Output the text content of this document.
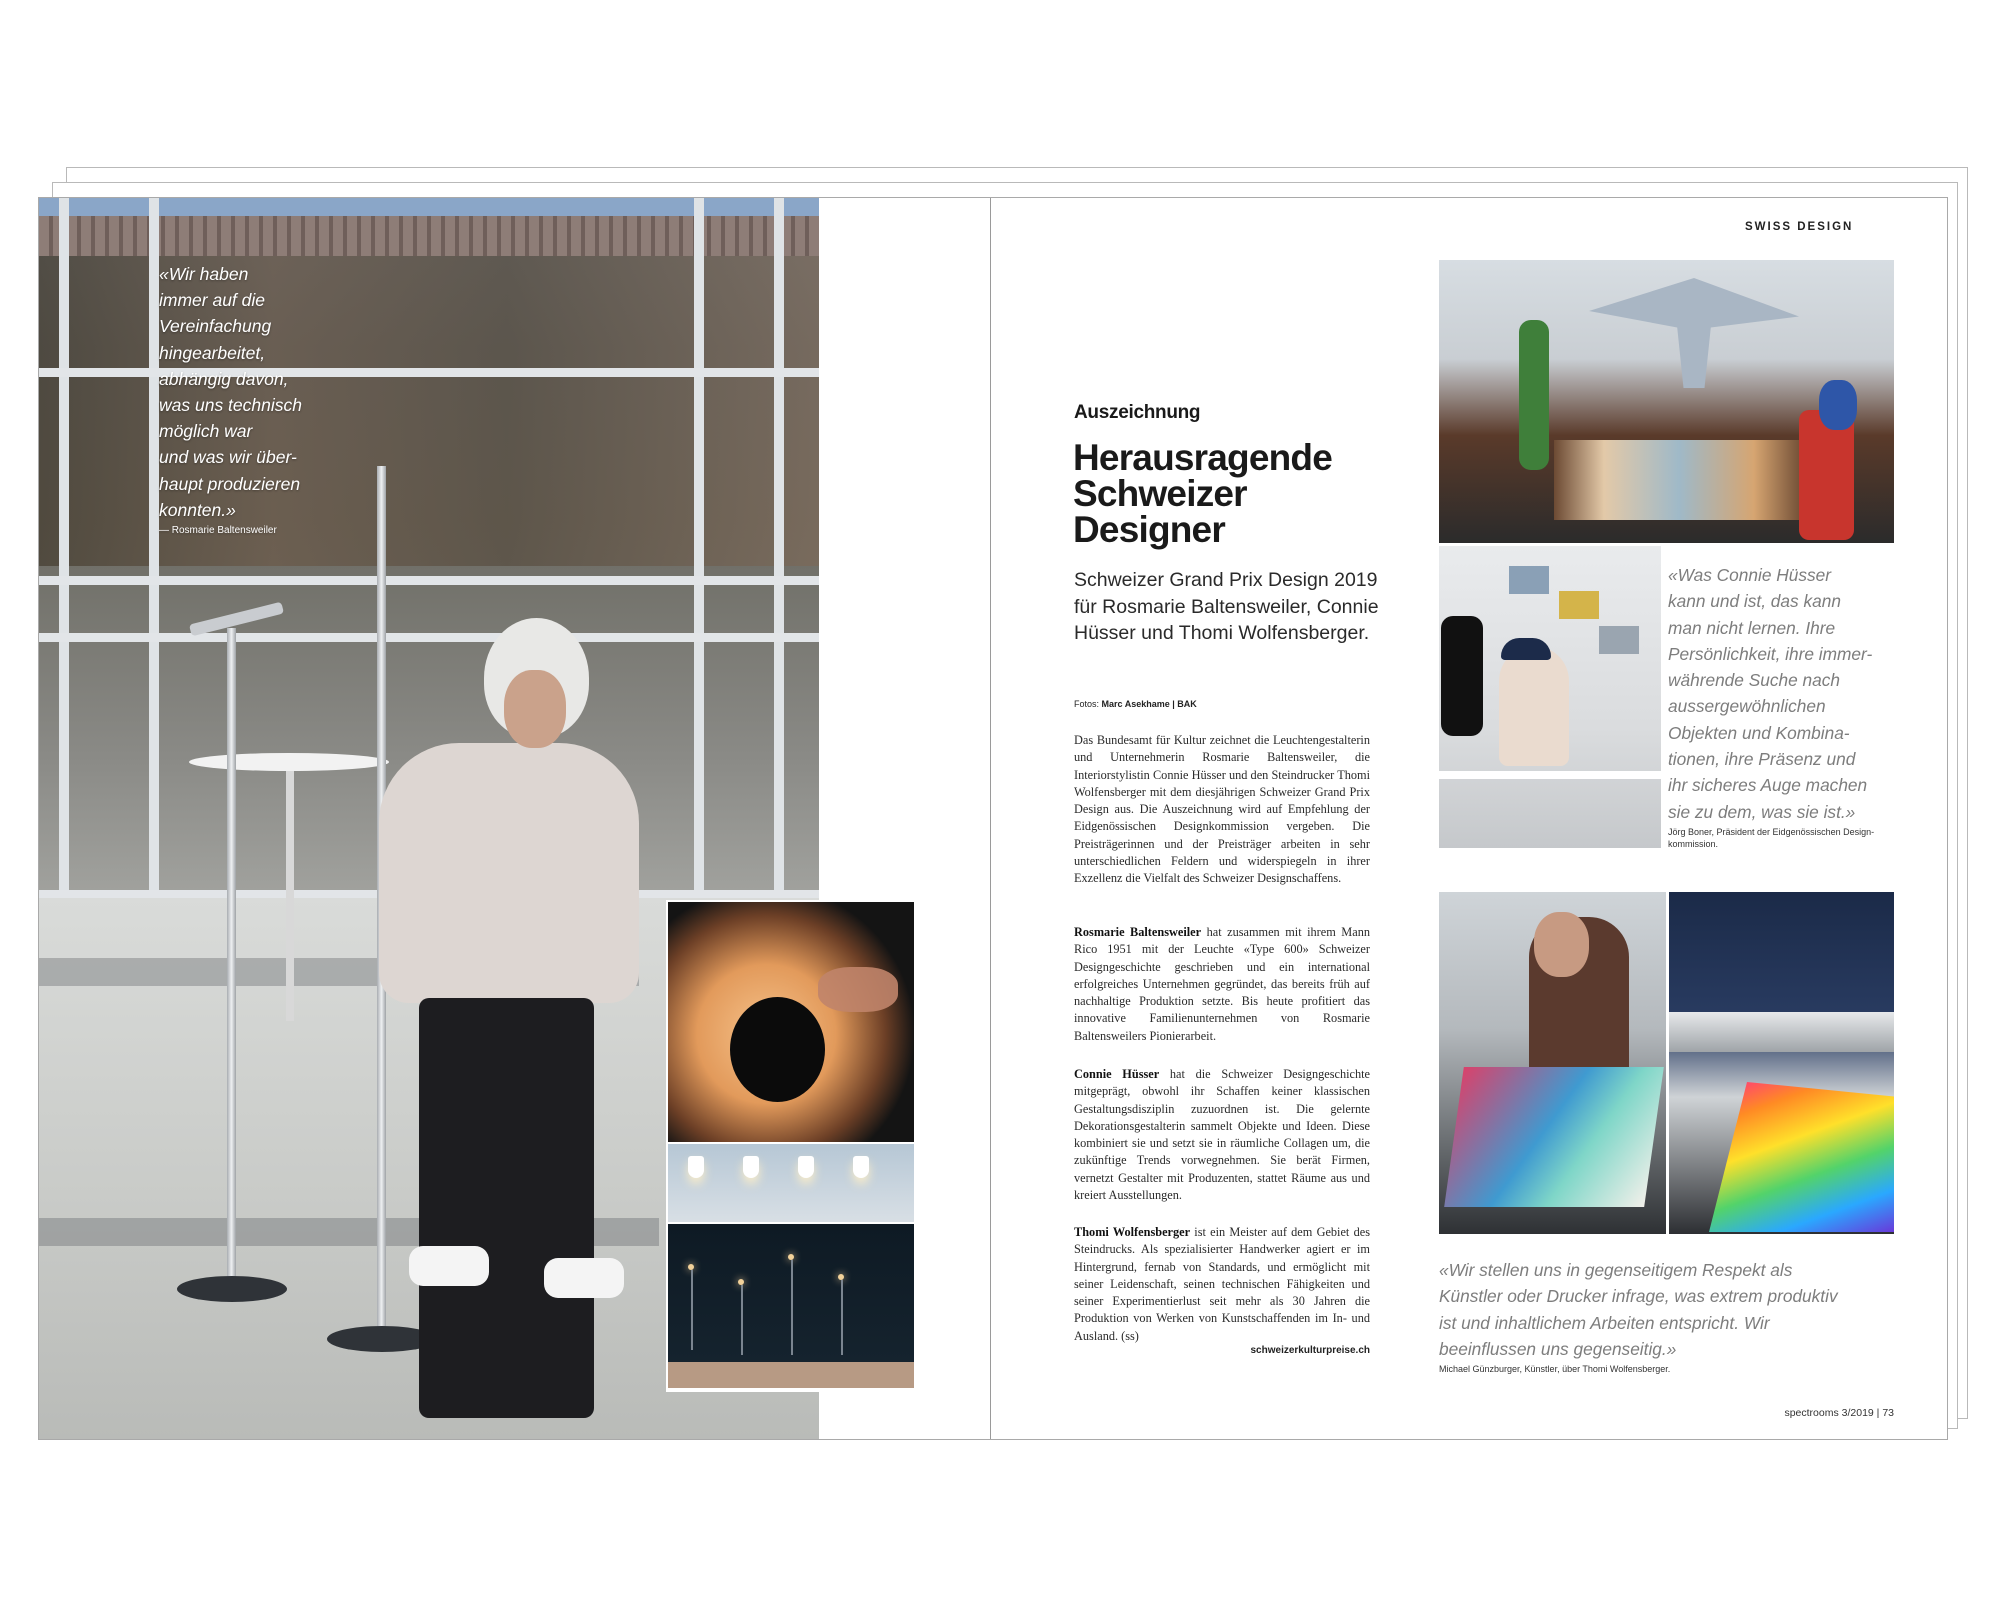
«Wir haben
immer auf die
Vereinfachung
hingearbeitet,
abhängig davon,
was uns technisch
möglich war
und was wir über-
haupt produzieren
konnten.»
— Rosmarie Baltensweiler
SWISS DESIGN
Auszeichnung
Herausragende
Schweizer
Designer
Schweizer Grand Prix Design 2019
für Rosmarie Baltensweiler, Connie
Hüsser und Thomi Wolfensberger.
Fotos: Marc Asekhame | BAK
Das Bundesamt für Kultur zeichnet die Leuchtengestalterin und Unternehmerin Rosmarie Baltensweiler, die Interiorstylistin Connie Hüsser und den Steindrucker Thomi Wolfensberger mit dem diesjährigen Schweizer Grand Prix Design aus. Die Auszeichnung wird auf Empfehlung der Eidgenössischen Designkommission vergeben. Die Preisträgerinnen und der Preisträger arbeiten in sehr unterschiedlichen Feldern und widerspiegeln in ihrer Exzellenz die Vielfalt des Schweizer Designschaffens.
Rosmarie Baltensweiler hat zusammen mit ihrem Mann Rico 1951 mit der Leuchte «Type 600» Schweizer Designgeschichte geschrieben und ein international erfolgreiches Unternehmen gegründet, das bereits früh auf nachhaltige Produktion setzte. Bis heute profitiert das innovative Familienunternehmen von Rosmarie Baltensweilers Pionierarbeit.
Connie Hüsser hat die Schweizer Designgeschichte mitgeprägt, obwohl ihr Schaffen keiner klassischen Gestaltungsdisziplin zuzuordnen ist. Die gelernte Dekorationsgestalterin sammelt Objekte und Ideen. Diese kombiniert sie und setzt sie in räumliche Collagen um, die zukünftige Trends vorwegnehmen. Sie berät Firmen, vernetzt Gestalter mit Produzenten, stattet Räume aus und kreiert Ausstellungen.
Thomi Wolfensberger ist ein Meister auf dem Gebiet des Steindrucks. Als spezialisierter Handwerker agiert er im Hintergrund, fernab von Standards, und ermöglicht mit seiner Leidenschaft, seinen technischen Fähigkeiten und seiner Experimentierlust seit mehr als 30 Jahren die Produktion von Werken von Kunstschaffenden im In- und Ausland. (ss)
schweizerkulturpreise.ch
«Was Connie Hüsser
kann und ist, das kann
man nicht lernen. Ihre
Persönlichkeit, ihre immer-
währende Suche nach
aussergewöhnlichen
Objekten und Kombina-
tionen, ihre Präsenz und
ihr sicheres Auge machen
sie zu dem, was sie ist.»
Jörg Boner, Präsident der Eidgenössischen Design-
kommission.
«Wir stellen uns in gegenseitigem Respekt als
Künstler oder Drucker infrage, was extrem produktiv
ist und inhaltlichem Arbeiten entspricht. Wir
beeinflussen uns gegenseitig.»
Michael Günzburger, Künstler, über Thomi Wolfensberger.
spectrooms 3/2019 | 73
